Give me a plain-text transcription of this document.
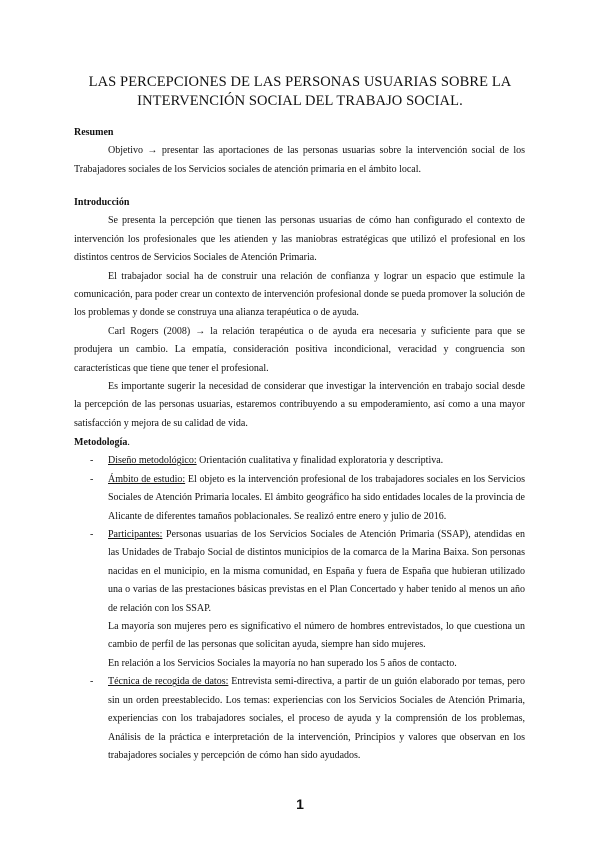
LAS PERCEPCIONES DE LAS PERSONAS USUARIAS SOBRE LA
INTERVENCIÓN SOCIAL DEL TRABAJO SOCIAL.
Resumen

Objetivo → presentar las aportaciones de las personas usuarias sobre la intervención social de los Trabajadores sociales de los Servicios sociales de atención primaria en el ámbito local.

Introducción

Se presenta la percepción que tienen las personas usuarias de cómo han configurado el contexto de intervención los profesionales que les atienden y las maniobras estratégicas que utilizó el profesional en los distintos centros de Servicios Sociales de Atención Primaria.

El trabajador social ha de construir una relación de confianza y lograr un espacio que estimule la comunicación, para poder crear un contexto de intervención profesional donde se pueda promover la solución de los problemas y donde se construya una alianza terapéutica o de ayuda.

Carl Rogers (2008) → la relación terapéutica o de ayuda era necesaria y suficiente para que se produjera un cambio. La empatía, consideración positiva incondicional, veracidad y congruencia son características que tiene que tener el profesional.

Es importante sugerir la necesidad de considerar que investigar la intervención en trabajo social desde la percepción de las personas usuarias, estaremos contribuyendo a su empoderamiento, así como a una mayor satisfacción y mejora de su calidad de vida.

Metodología.
- Diseño metodológico: Orientación cualitativa y finalidad exploratoria y descriptiva.
- Ámbito de estudio: El objeto es la intervención profesional de los trabajadores sociales en los Servicios Sociales de Atención Primaria locales. El ámbito geográfico ha sido entidades locales de la provincia de Alicante de diferentes tamaños poblacionales. Se realizó entre enero y julio de 2016.
- Participantes: Personas usuarias de los Servicios Sociales de Atención Primaria (SSAP), atendidas en las Unidades de Trabajo Social de distintos municipios de la comarca de la Marina Baixa. Son personas nacidas en el municipio, en la misma comunidad, en España y fuera de España que hubieran utilizado una o varias de las prestaciones básicas previstas en el Plan Concertado y haber tenido al menos un año de relación con los SSAP.
La mayoría son mujeres pero es significativo el número de hombres entrevistados, lo que cuestiona un cambio de perfil de las personas que solicitan ayuda, siempre han sido mujeres.
En relación a los Servicios Sociales la mayoría no han superado los 5 años de contacto.
- Técnica de recogida de datos: Entrevista semi-directiva, a partir de un guión elaborado por temas, pero sin un orden preestablecido. Los temas: experiencias con los Servicios Sociales de Atención Primaria, experiencias con los trabajadores sociales, el proceso de ayuda y la comprensión de los problemas, Análisis de la práctica e interpretación de la intervención, Principios y valores que observan en los trabajadores sociales y percepción de cómo han sido ayudados.
1
